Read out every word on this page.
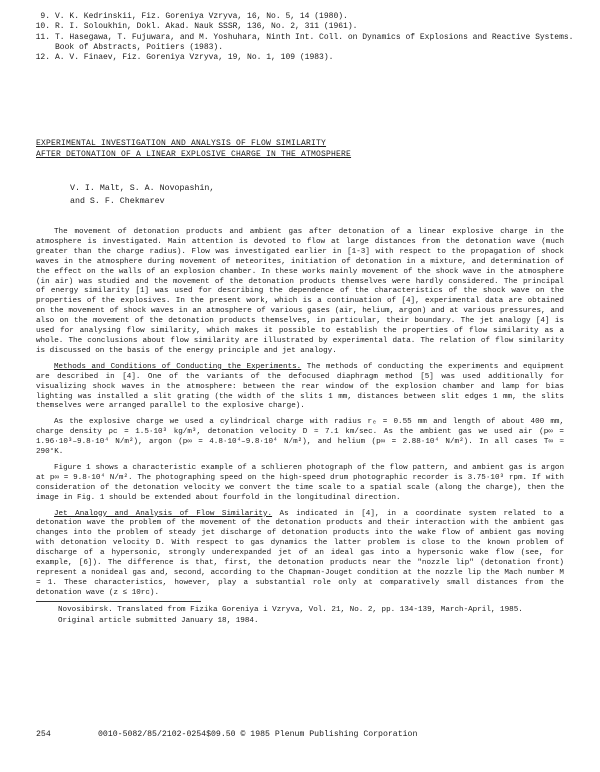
9. V. K. Kedrinskii, Fiz. Goreniya Vzryva, 16, No. 5, 14 (1980).
10. R. I. Soloukhin, Dokl. Akad. Nauk SSSR, 136, No. 2, 311 (1961).
11. T. Hasegawa, T. Fujuwara, and M. Yoshuhara, Ninth Int. Coll. on Dynamics of Explosions and Reactive Systems. Book of Abstracts, Poitiers (1983).
12. A. V. Finaev, Fiz. Goreniya Vzryva, 19, No. 1, 109 (1983).
EXPERIMENTAL INVESTIGATION AND ANALYSIS OF FLOW SIMILARITY
AFTER DETONATION OF A LINEAR EXPLOSIVE CHARGE IN THE ATMOSPHERE
V. I. Malt, S. A. Novopashin,
and S. F. Chekmarev

The movement of detonation products and ambient gas after detonation of a linear explosive charge in the atmosphere is investigated. Main attention is devoted to flow at large distances from the detonation wave (much greater than the charge radius). Flow was investigated earlier in [1-3] with respect to the propagation of shock waves in the atmosphere during movement of meteorites, initiation of detonation in a mixture, and determination of the effect on the walls of an explosion chamber. In these works mainly movement of the shock wave in the atmosphere (in air) was studied and the movement of the detonation products themselves were hardly considered. The principal of energy similarity [1] was used for describing the dependence of the characteristics of the shock wave on the properties of the explosives. In the present work, which is a continuation of [4], experimental data are obtained on the movement of shock waves in an atmosphere of various gases (air, helium, argon) and at various pressures, and also on the movement of the detonation products themselves, in particular, their boundary. The jet analogy [4] is used for analysing flow similarity, which makes it possible to establish the properties of flow similarity as a whole. The conclusions about flow similarity are illustrated by experimental data. The relation of flow similarity is discussed on the basis of the energy principle and jet analogy.

Methods and Conditions of Conducting the Experiments. The methods of conducting the experiments and equipment are described in [4]. One of the variants of the defocused diaphragm method [5] was used additionally for visualizing shock waves in the atmosphere: between the rear window of the explosion chamber and lamp for bias lighting was installed a slit grating (the width of the slits 1 mm, distances between slit edges 1 mm, the slits themselves were arranged parallel to the explosive charge).

As the explosive charge we used a cylindrical charge with radius rₑ = 0.55 mm and length of about 400 mm, charge density ρc = 1.5·10³ kg/m³, detonation velocity D ≈ 7.1 km/sec. As the ambient gas we used air (p∞ = 1.96·10³–9.8·10⁴ N/m²), argon (p∞ = 4.8·10⁴–9.8·10⁴ N/m²), and helium (p∞ = 2.88·10⁴ N/m²). In all cases T∞ ≈ 290°K.

Figure 1 shows a characteristic example of a schlieren photograph of the flow pattern, and ambient gas is argon at p∞ = 9.8·10⁴ N/m². The photographing speed on the high-speed drum photographic recorder is 3.75·10³ rpm. If with consideration of the detonation velocity we convert the time scale to a spatial scale (along the charge), then the image in Fig. 1 should be extended about fourfold in the longitudinal direction.

Jet Analogy and Analysis of Flow Similarity. As indicated in [4], in a coordinate system related to a detonation wave the problem of the movement of the detonation products and their interaction with the ambient gas changes into the problem of steady jet discharge of detonation products into the wake flow of ambient gas moving with detonation velocity D. With respect to gas dynamics the latter problem is close to the known problem of discharge of a hypersonic, strongly underexpanded jet of an ideal gas into a hypersonic wake flow (see, for example, [6]). The difference is that, first, the detonation products near the "nozzle lip" (detonation front) represent a nonideal gas and, second, according to the Chapman-Jouget condition at the nozzle lip the Mach number M = 1. These characteristics, however, play a substantial role only at comparatively small distances from the detonation wave (z ≤ 10rc).

Novosibirsk. Translated from Fizika Goreniya i Vzryva, Vol. 21, No. 2, pp. 134-139, March-April, 1985. Original article submitted January 18, 1984.
254	0010-5082/85/2102-0254$09.50 © 1985 Plenum Publishing Corporation
